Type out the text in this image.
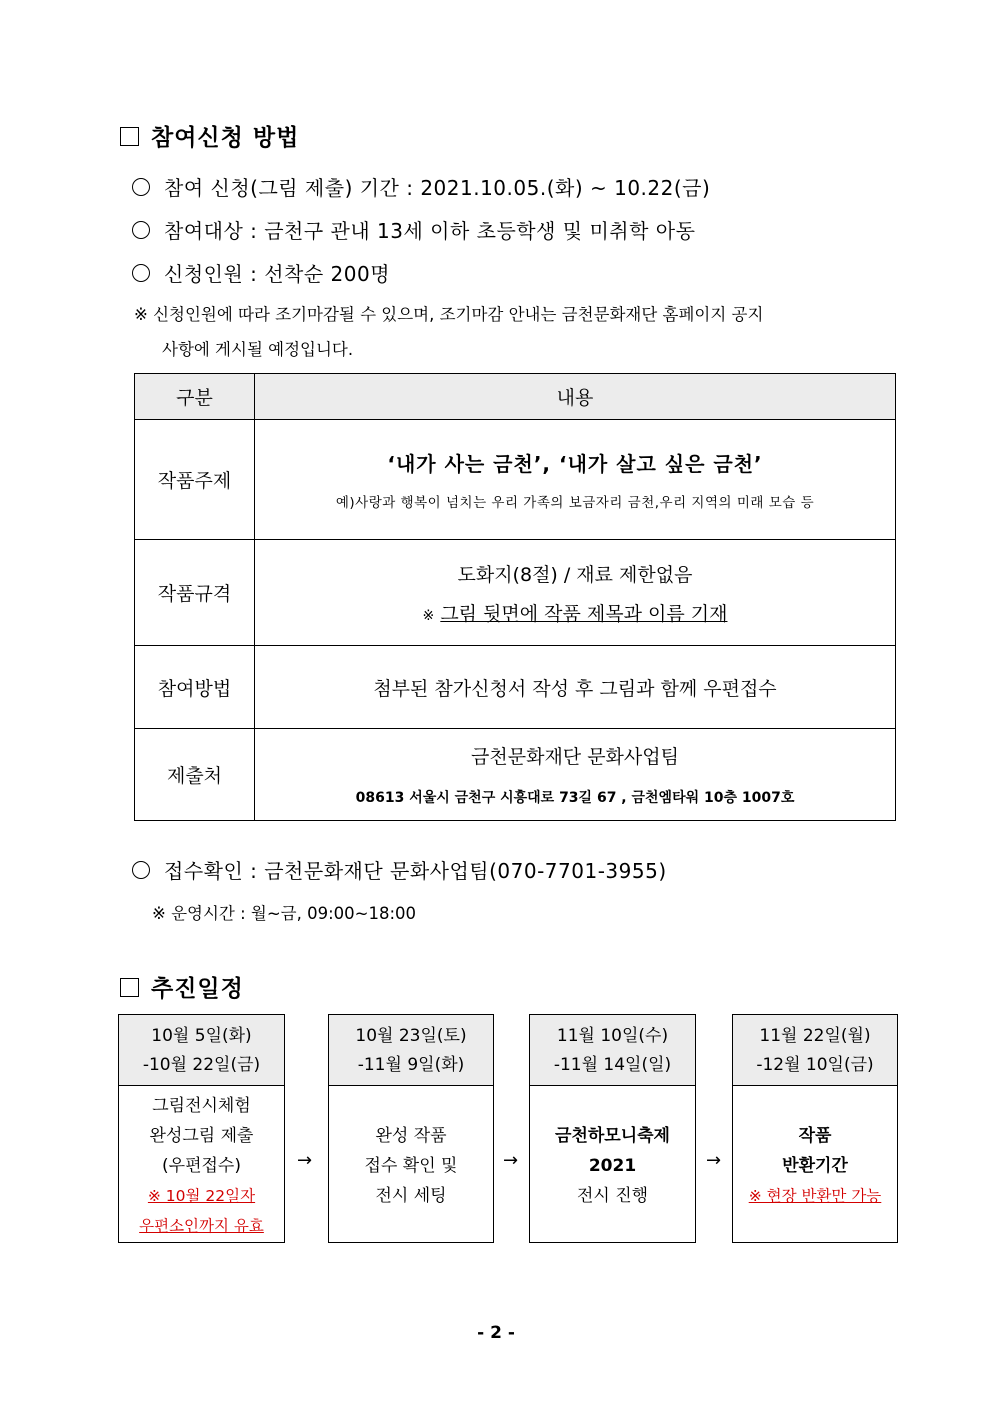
참여신청 방법
참여 신청(그림 제출) 기간 : 2021.10.05.(화) ~ 10.22(금)
참여대상 : 금천구 관내 13세 이하 초등학생 및 미취학 아동
신청인원 : 선착순 200명
※ 신청인원에 따라 조기마감될 수 있으며, 조기마감 안내는 금천문화재단 홈페이지 공지
사항에 게시될 예정입니다.
구분	내용
작품주제	‘내가 사는 금천’, ‘내가 살고 싶은 금천’
예)사랑과 행복이 넘치는 우리 가족의 보금자리 금천,우리 지역의 미래 모습 등

작품규격	도화지(8절) / 재료 제한없음
※ 그림 뒷면에 작품 제목과 이름 기재

참여방법	첨부된 참가신청서 작성 후 그림과 함께 우편접수
제출처	금천문화재단 문화사업팀
08613 서울시 금천구 시흥대로 73길 67 , 금천엠타워 10층 1007호
접수확인 : 금천문화재단 문화사업팀(070-7701-3955)
※ 운영시간 : 월~금, 09:00~18:00
추진일정
10월 5일(화)
-10월 22일(금)
그림전시체험
완성그림 제출
(우편접수)
※ 10월 22일자
우편소인까지 유효
→
10월 23일(토)
-11월 9일(화)
완성 작품
접수 확인 및
전시 세팅
→
11월 10일(수)
-11월 14일(일)
금천하모니축제
2021
전시 진행
→
11월 22일(월)
-12월 10일(금)
작품
반환기간
※ 현장 반환만 가능
- 2 -
